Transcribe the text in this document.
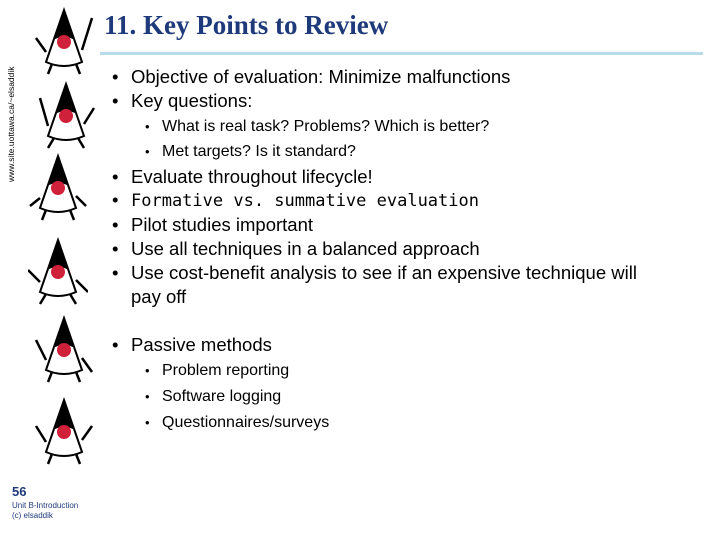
www.site.uottawa.ca/~elsaddik
11. Key Points to Review
• Objective of evaluation: Minimize malfunctions
• Key questions:
• What is real task? Problems? Which is better?
• Met targets? Is it standard?
• Evaluate throughout lifecycle!
• Formative vs. summative evaluation
• Pilot studies important
• Use all techniques in a balanced approach
• Use cost-benefit analysis to see if an expensive technique will
pay off
• Passive methods
• Problem reporting
• Software logging
• Questionnaires/surveys
56
Unit B-Introduction
(c) elsaddik
